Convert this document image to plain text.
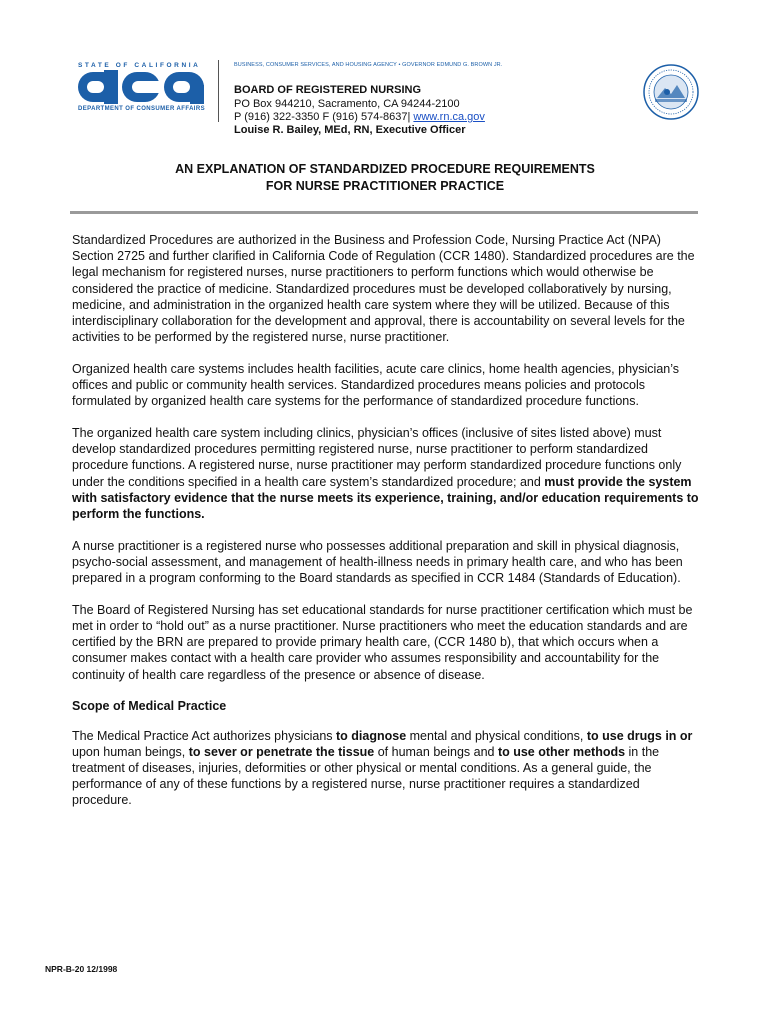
STATE OF CALIFORNIA
DEPARTMENT OF CONSUMER AFFAIRS
BUSINESS, CONSUMER SERVICES, AND HOUSING AGENCY • GOVERNOR EDMUND G. BROWN JR.
BOARD OF REGISTERED NURSING
PO Box 944210, Sacramento, CA 94244-2100
P (916) 322-3350 F (916) 574-8637| www.rn.ca.gov
Louise R. Bailey, MEd, RN, Executive Officer
AN EXPLANATION OF STANDARDIZED PROCEDURE REQUIREMENTS
FOR NURSE PRACTITIONER PRACTICE

Standardized Procedures are authorized in the Business and Profession Code, Nursing Practice Act (NPA) Section 2725 and further clarified in California Code of Regulation (CCR 1480). Standardized procedures are the legal mechanism for registered nurses, nurse practitioners to perform functions which would otherwise be considered the practice of medicine. Standardized procedures must be developed collaboratively by nursing, medicine, and administration in the organized health care system where they will be utilized. Because of this interdisciplinary collaboration for the development and approval, there is accountability on several levels for the activities to be performed by the registered nurse, nurse practitioner.

Organized health care systems includes health facilities, acute care clinics, home health agencies, physician’s offices and public or community health services. Standardized procedures means policies and protocols formulated by organized health care systems for the performance of standardized procedure functions.

The organized health care system including clinics, physician’s offices (inclusive of sites listed above) must develop standardized procedures permitting registered nurse, nurse practitioner to perform standardized procedure functions. A registered nurse, nurse practitioner may perform standardized procedure functions only under the conditions specified in a health care system’s standardized procedure; and must provide the system with satisfactory evidence that the nurse meets its experience, training, and/or education requirements to perform the functions.

A nurse practitioner is a registered nurse who possesses additional preparation and skill in physical diagnosis, psycho-social assessment, and management of health-illness needs in primary health care, and who has been prepared in a program conforming to the Board standards as specified in CCR 1484 (Standards of Education).

The Board of Registered Nursing has set educational standards for nurse practitioner certification which must be met in order to “hold out” as a nurse practitioner. Nurse practitioners who meet the education standards and are certified by the BRN are prepared to provide primary health care, (CCR 1480 b), that which occurs when a consumer makes contact with a health care provider who assumes responsibility and accountability for the continuity of health care regardless of the presence or absence of disease.

Scope of Medical Practice

The Medical Practice Act authorizes physicians to diagnose mental and physical conditions, to use drugs in or upon human beings, to sever or penetrate the tissue of human beings and to use other methods in the treatment of diseases, injuries, deformities or other physical or mental conditions. As a general guide, the performance of any of these functions by a registered nurse, nurse practitioner requires a standardized procedure.

NPR-B-20 12/1998
